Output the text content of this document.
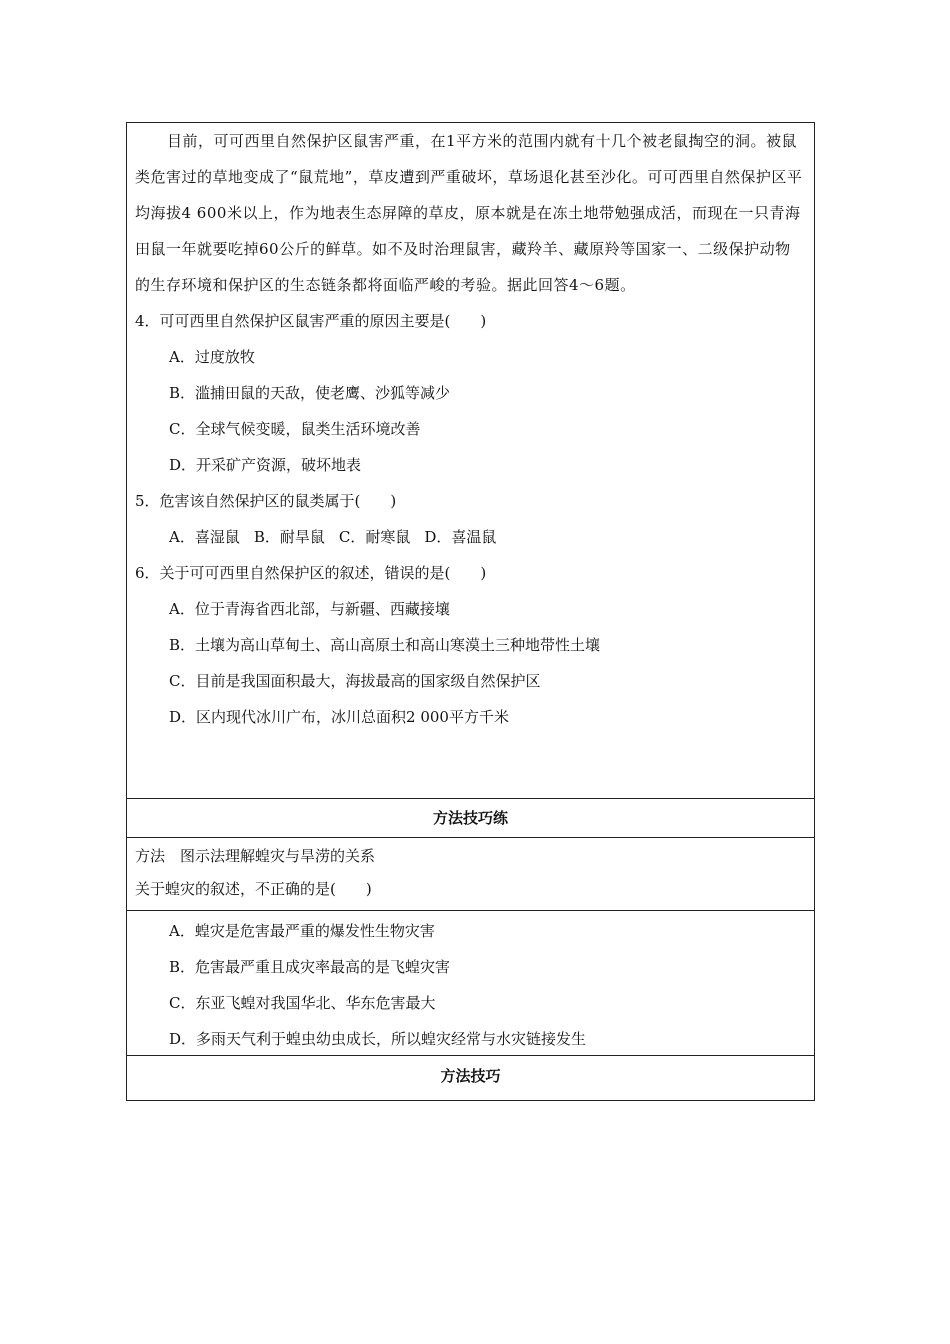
目前，可可西里自然保护区鼠害严重，在1平方米的范围内就有十几个被老鼠掏空的洞。被鼠类危害过的草地变成了“鼠荒地”，草皮遭到严重破坏，草场退化甚至沙化。可可西里自然保护区平均海拔4 600米以上，作为地表生态屏障的草皮，原本就是在冻土地带勉强成活，而现在一只青海田鼠一年就要吃掉60公斤的鲜草。如不及时治理鼠害，藏羚羊、藏原羚等国家一、二级保护动物的生存环境和保护区的生态链条都将面临严峻的考验。据此回答4～6题。

4．可可西里自然保护区鼠害严重的原因主要是(　　)

A．过度放牧

B．滥捕田鼠的天敌，使老鹰、沙狐等减少

C．全球气候变暖，鼠类生活环境改善

D．开采矿产资源，破坏地表

5．危害该自然保护区的鼠类属于(　　)

A．喜湿鼠 B．耐旱鼠 C．耐寒鼠 D．喜温鼠

6．关于可可西里自然保护区的叙述，错误的是(　　)

A．位于青海省西北部，与新疆、西藏接壤

B．土壤为高山草甸土、高山高原土和高山寒漠土三种地带性土壤

C．目前是我国面积最大，海拔最高的国家级自然保护区

D．区内现代冰川广布，冰川总面积2 000平方千米

方法技巧练

方法　图示法理解蝗灾与旱涝的关系

关于蝗灾的叙述，不正确的是(　　)

A．蝗灾是危害最严重的爆发性生物灾害

B．危害最严重且成灾率最高的是飞蝗灾害

C．东亚飞蝗对我国华北、华东危害最大

D．多雨天气利于蝗虫幼虫成长，所以蝗灾经常与水灾链接发生

方法技巧
